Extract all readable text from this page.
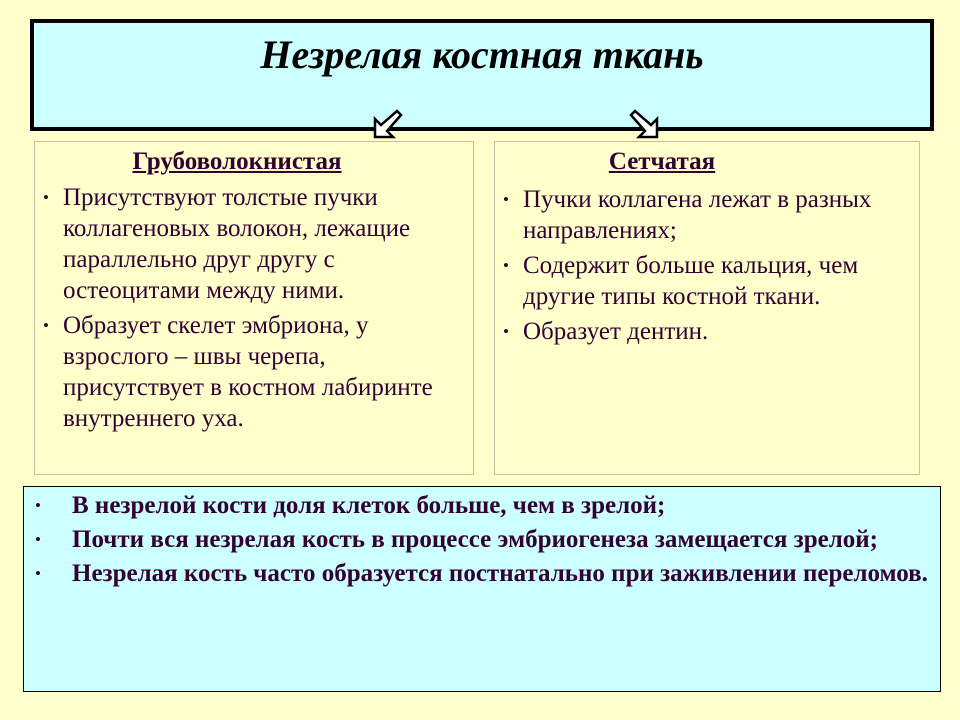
Незрелая костная ткань
Грубоволокнистая
• Присутствуют толстые пучки коллагеновых волокон, лежащие параллельно друг другу с остеоцитами между ними.
• Образует скелет эмбриона, у взрослого – швы черепа, присутствует в костном лабиринте внутреннего уха.
Сетчатая
• Пучки коллагена лежат в разных направлениях;
• Содержит больше кальция, чем другие типы костной ткани.
• Образует дентин.
• В незрелой кости доля клеток больше, чем в зрелой;
• Почти вся незрелая кость в процессе эмбриогенеза замещается зрелой;
• Незрелая кость часто образуется постнатально при заживлении переломов.
